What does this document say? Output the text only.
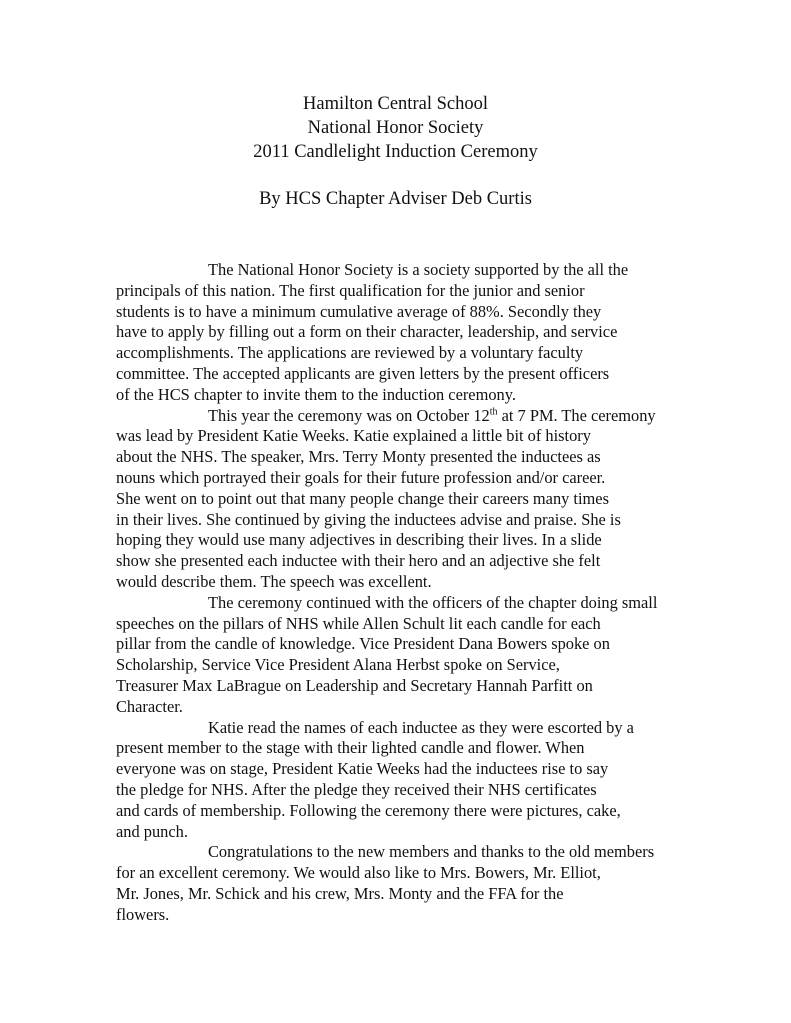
Hamilton Central School
National Honor Society
2011 Candlelight Induction Ceremony
By HCS Chapter Adviser Deb Curtis

The National Honor Society is a society supported by the all the
principals of this nation. The first qualification for the junior and senior
students is to have a minimum cumulative average of 88%. Secondly they
have to apply by filling out a form on their character, leadership, and service
accomplishments. The applications are reviewed by a voluntary faculty
committee. The accepted applicants are given letters by the present officers
of the HCS chapter to invite them to the induction ceremony.

This year the ceremony was on October 12th at 7 PM. The ceremony
was lead by President Katie Weeks. Katie explained a little bit of history
about the NHS. The speaker, Mrs. Terry Monty presented the inductees as
nouns which portrayed their goals for their future profession and/or career.
She went on to point out that many people change their careers many times
in their lives. She continued by giving the inductees advise and praise. She is
hoping they would use many adjectives in describing their lives. In a slide
show she presented each inductee with their hero and an adjective she felt
would describe them. The speech was excellent.

The ceremony continued with the officers of the chapter doing small
speeches on the pillars of NHS while Allen Schult lit each candle for each
pillar from the candle of knowledge. Vice President Dana Bowers spoke on
Scholarship, Service Vice President Alana Herbst spoke on Service,
Treasurer Max LaBrague on Leadership and Secretary Hannah Parfitt on
Character.

Katie read the names of each inductee as they were escorted by a
present member to the stage with their lighted candle and flower. When
everyone was on stage, President Katie Weeks had the inductees rise to say
the pledge for NHS. After the pledge they received their NHS certificates
and cards of membership. Following the ceremony there were pictures, cake,
and punch.

Congratulations to the new members and thanks to the old members
for an excellent ceremony. We would also like to Mrs. Bowers, Mr. Elliot,
Mr. Jones, Mr. Schick and his crew, Mrs. Monty and the FFA for the
flowers.
